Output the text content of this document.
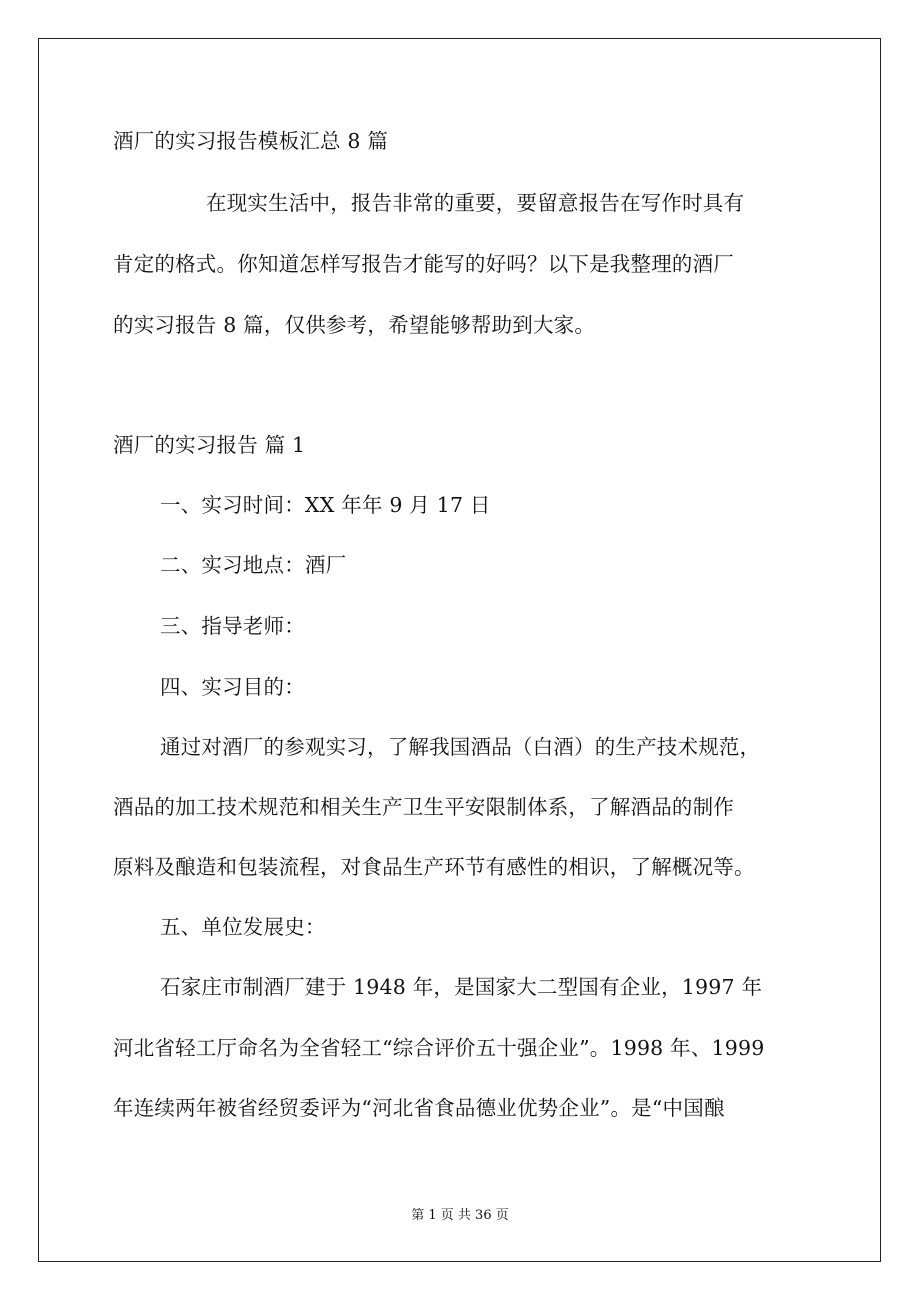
酒厂的实习报告模板汇总 8 篇
在现实生活中，报告非常的重要，要留意报告在写作时具有
肯定的格式。你知道怎样写报告才能写的好吗？以下是我整理的酒厂
的实习报告 8 篇，仅供参考，希望能够帮助到大家。
酒厂的实习报告 篇 1
一、实习时间：XX 年年 9 月 17 日
二、实习地点：酒厂
三、指导老师：
四、实习目的：
通过对酒厂的参观实习，了解我国酒品（白酒）的生产技术规范，
酒品的加工技术规范和相关生产卫生平安限制体系，了解酒品的制作
原料及酿造和包装流程，对食品生产环节有感性的相识，了解概况等。
五、单位发展史：
石家庄市制酒厂建于 1948 年，是国家大二型国有企业，1997 年
河北省轻工厅命名为全省轻工“综合评价五十强企业”。1998 年、1999
年连续两年被省经贸委评为“河北省食品德业优势企业”。是“中国酿
第 1 页 共 36 页
